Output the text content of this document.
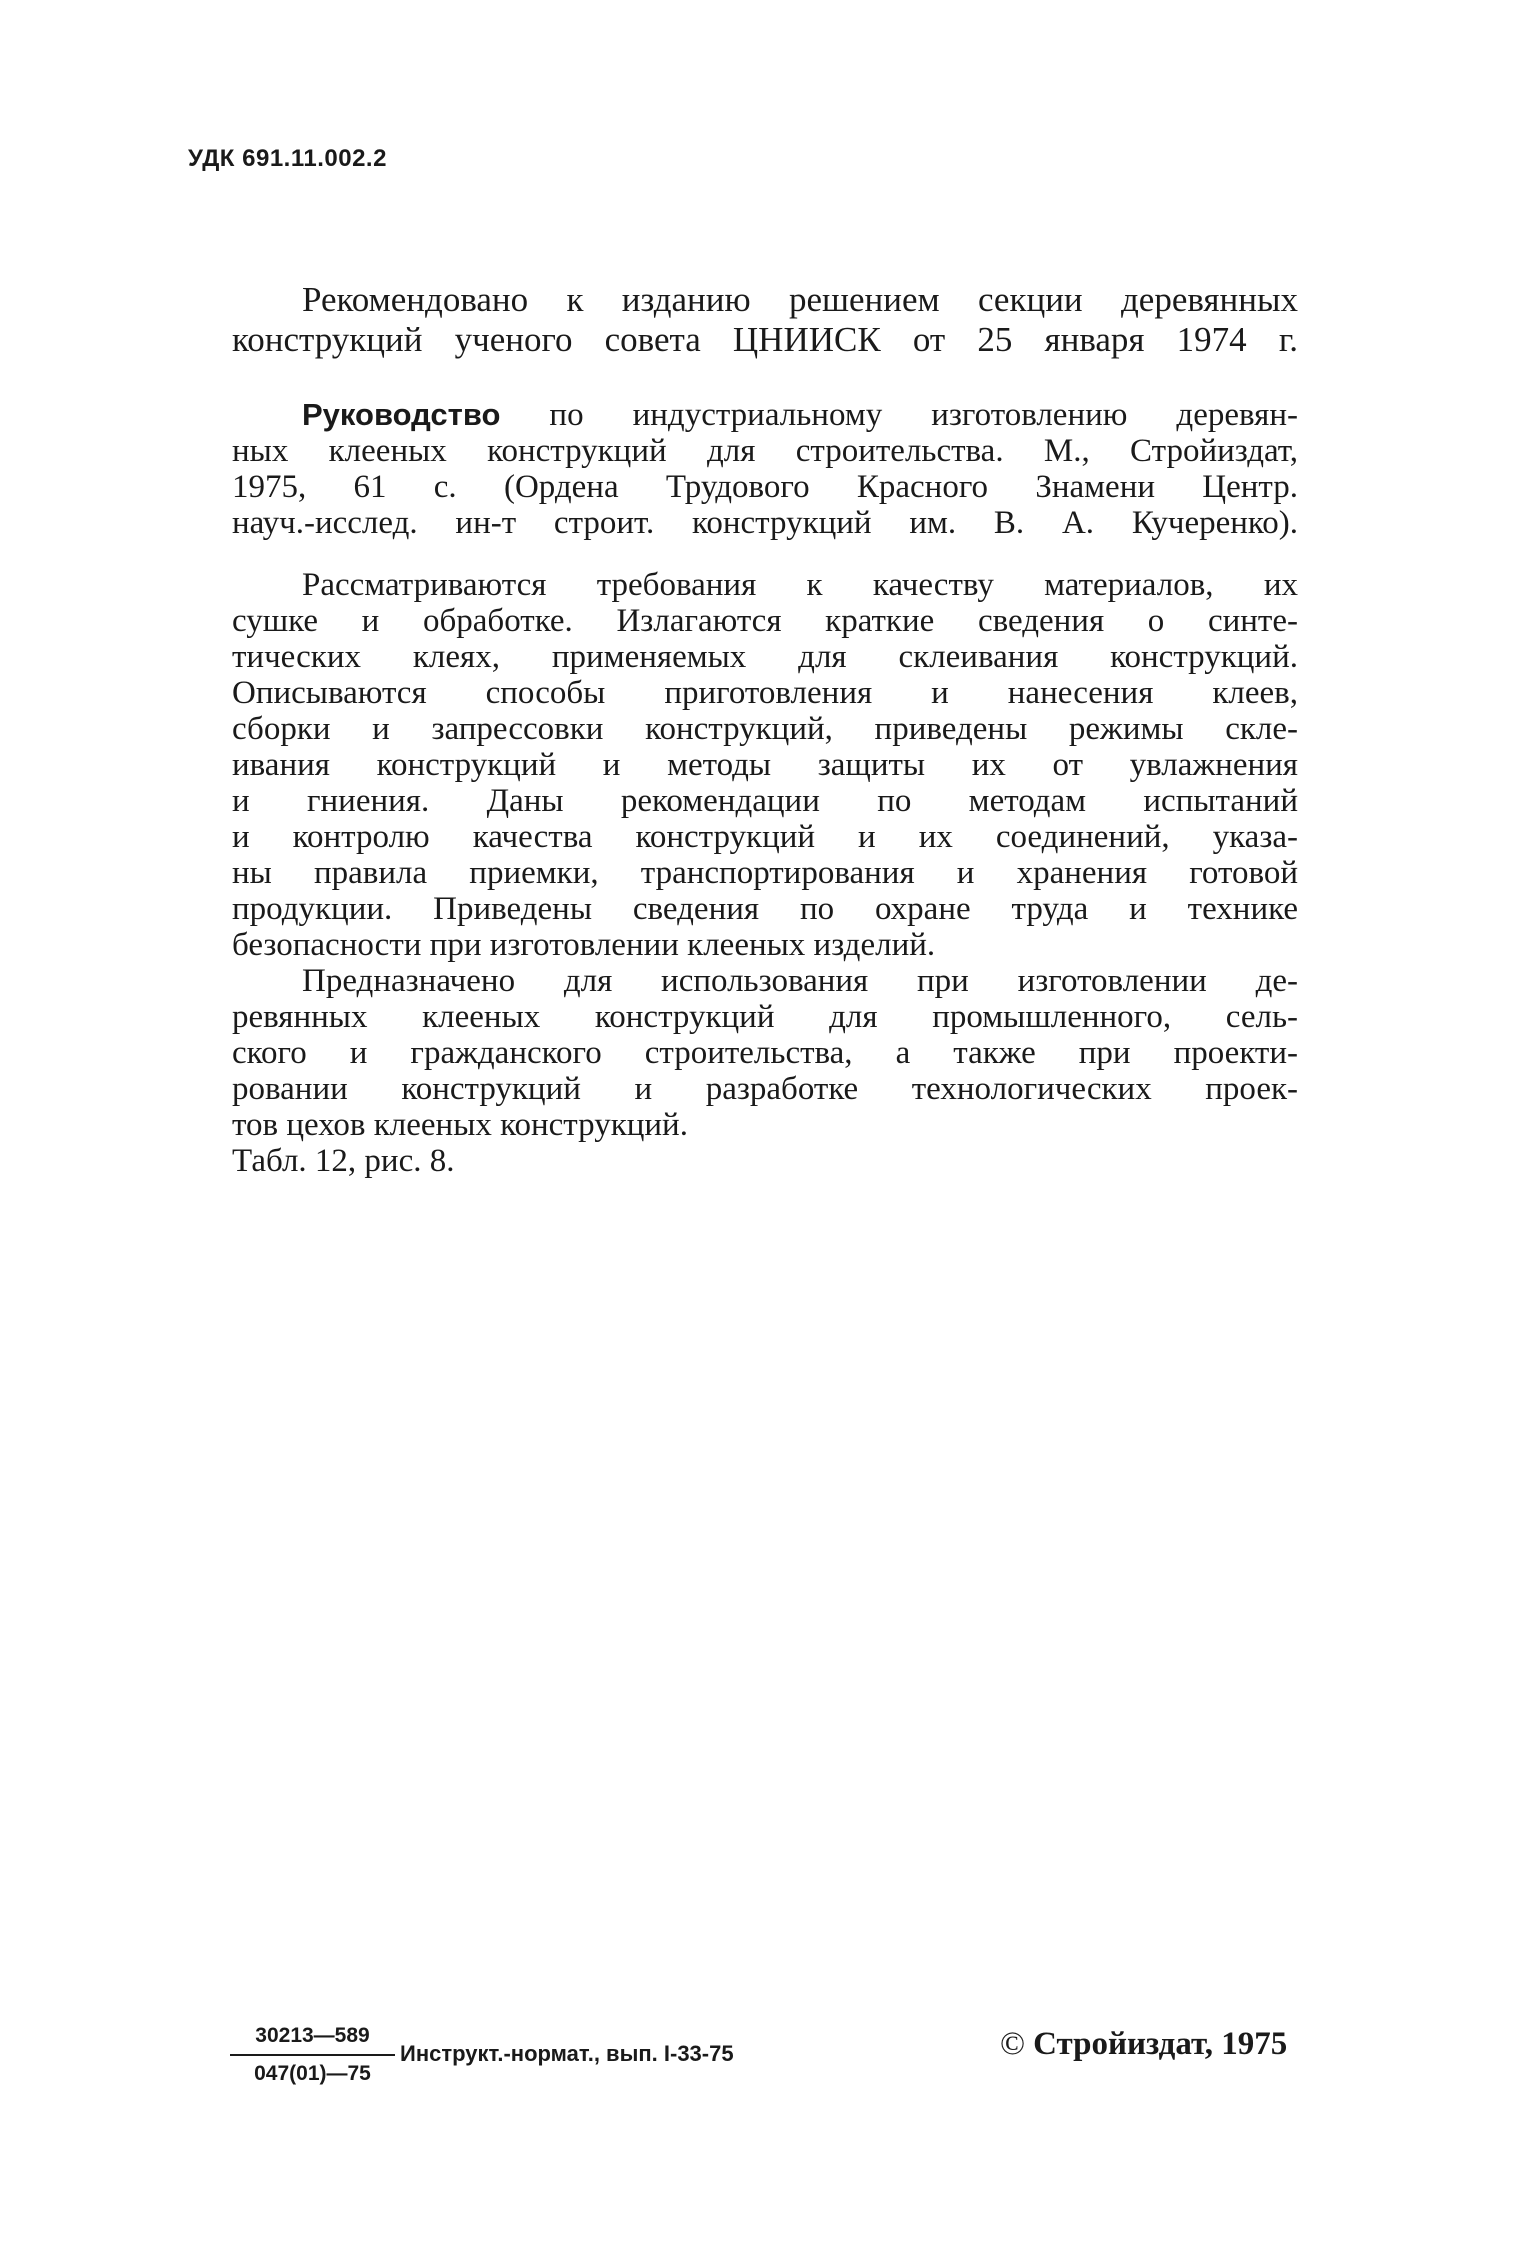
УДК 691.11.002.2
Рекомендовано к изданию решением секции деревянных
конструкций ученого совета ЦНИИСК от 25 января 1974 г.
Руководство по индустриальному изготовлению деревян-
ных клееных конструкций для строительства. М., Стройиздат,
1975, 61 с. (Ордена Трудового Красного Знамени Центр.
науч.-исслед. ин-т строит. конструкций им. В. А. Кучеренко).
Рассматриваются требования к качеству материалов, их
сушке и обработке. Излагаются краткие сведения о синте-
тических клеях, применяемых для склеивания конструкций.
Описываются способы приготовления и нанесения клеев,
сборки и запрессовки конструкций, приведены режимы скле-
ивания конструкций и методы защиты их от увлажнения
и гниения. Даны рекомендации по методам испытаний
и контролю качества конструкций и их соединений, указа-
ны правила приемки, транспортирования и хранения готовой
продукции. Приведены сведения по охране труда и технике
безопасности при изготовлении клееных изделий.
Предназначено для использования при изготовлении де-
ревянных клееных конструкций для промышленного, сель-
ского и гражданского строительства, а также при проекти-
ровании конструкций и разработке технологических проек-
тов цехов клееных конструкций.
Табл. 12, рис. 8.
30213—589
047(01)—75
Инструкт.-нормат., вып. I-33-75	© Стройиздат, 1975
